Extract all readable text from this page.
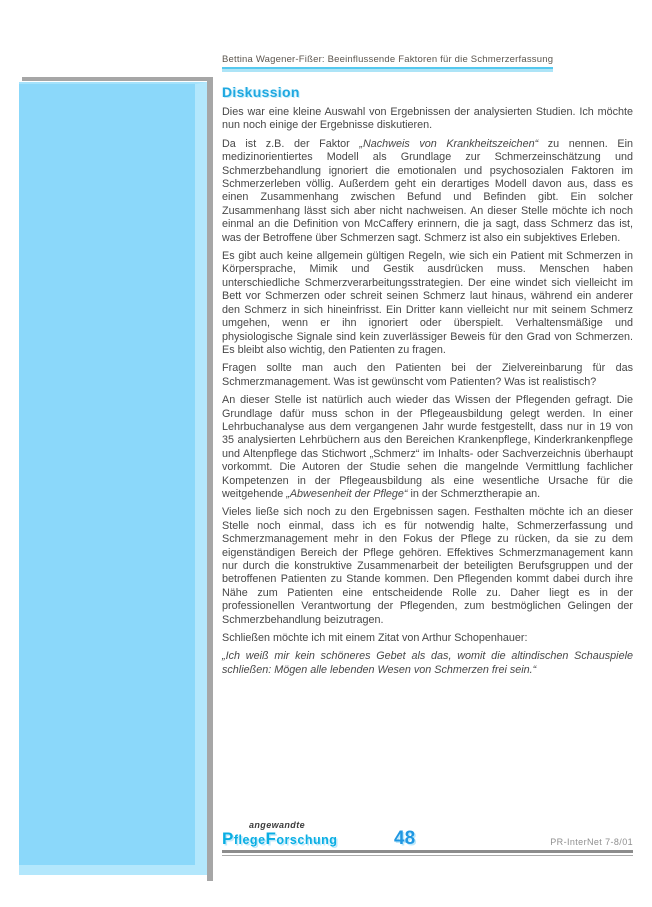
Bettina Wagener-Fißer: Beeinflussende Faktoren für die Schmerzerfassung
Diskussion

Dies war eine kleine Auswahl von Ergebnissen der analysierten Studien. Ich möchte nun noch einige der Ergebnisse diskutieren.

Da ist z.B. der Faktor „Nachweis von Krankheitszeichen“ zu nennen. Ein medizinorientiertes Modell als Grundlage zur Schmerzeinschätzung und Schmerzbehandlung ignoriert die emotionalen und psychosozialen Faktoren im Schmerzerleben völlig. Außerdem geht ein derartiges Modell davon aus, dass es einen Zusammenhang zwischen Befund und Befinden gibt. Ein solcher Zusammenhang lässt sich aber nicht nachweisen. An dieser Stelle möchte ich noch einmal an die Definition von McCaffery erinnern, die ja sagt, dass Schmerz das ist, was der Betroffene über Schmerzen sagt. Schmerz ist also ein subjektives Erleben.

Es gibt auch keine allgemein gültigen Regeln, wie sich ein Patient mit Schmerzen in Körpersprache, Mimik und Gestik ausdrücken muss. Menschen haben unterschiedliche Schmerzverarbeitungsstrategien. Der eine windet sich vielleicht im Bett vor Schmerzen oder schreit seinen Schmerz laut hinaus, während ein anderer den Schmerz in sich hineinfrisst. Ein Dritter kann vielleicht nur mit seinem Schmerz umgehen, wenn er ihn ignoriert oder überspielt. Verhaltensmäßige und physiologische Signale sind kein zuverlässiger Beweis für den Grad von Schmerzen. Es bleibt also wichtig, den Patienten zu fragen.

Fragen sollte man auch den Patienten bei der Zielvereinbarung für das Schmerzmanagement. Was ist gewünscht vom Patienten? Was ist realistisch?

An dieser Stelle ist natürlich auch wieder das Wissen der Pflegenden gefragt. Die Grundlage dafür muss schon in der Pflegeausbildung gelegt werden. In einer Lehrbuchanalyse aus dem vergangenen Jahr wurde festgestellt, dass nur in 19 von 35 analysierten Lehrbüchern aus den Bereichen Krankenpflege, Kinderkrankenpflege und Altenpflege das Stichwort „Schmerz“ im Inhalts- oder Sachverzeichnis überhaupt vorkommt. Die Autoren der Studie sehen die mangelnde Vermittlung fachlicher Kompetenzen in der Pflegeausbildung als eine wesentliche Ursache für die weitgehende „Abwesenheit der Pflege“ in der Schmerztherapie an.

Vieles ließe sich noch zu den Ergebnissen sagen. Festhalten möchte ich an dieser Stelle noch einmal, dass ich es für notwendig halte, Schmerzerfassung und Schmerzmanagement mehr in den Fokus der Pflege zu rücken, da sie zu dem eigenständigen Bereich der Pflege gehören. Effektives Schmerzmanagement kann nur durch die konstruktive Zusammenarbeit der beteiligten Berufsgruppen und der betroffenen Patienten zu Stande kommen. Den Pflegenden kommt dabei durch ihre Nähe zum Patienten eine entscheidende Rolle zu. Daher liegt es in der professionellen Verantwortung der Pflegenden, zum bestmöglichen Gelingen der Schmerzbehandlung beizutragen.

Schließen möchte ich mit einem Zitat von Arthur Schopenhauer:

„Ich weiß mir kein schöneres Gebet als das, womit die altindischen Schauspiele schließen: Mögen alle lebenden Wesen von Schmerzen frei sein.“

angewandte
PflegeForschung	48	PR-InterNet 7-8/01
